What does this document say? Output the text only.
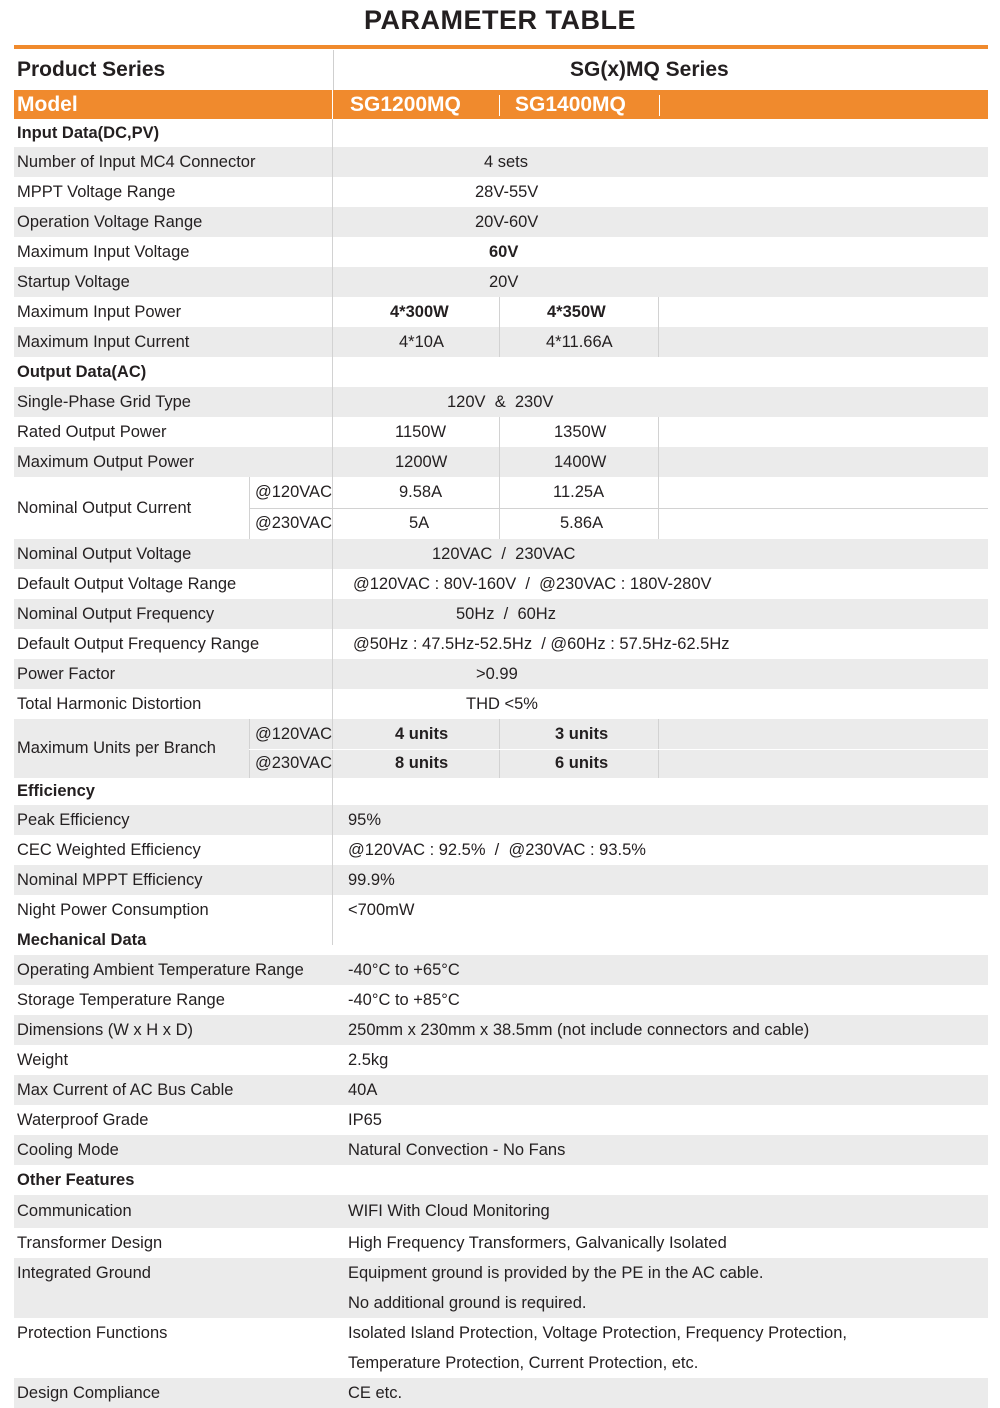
PARAMETER TABLE
Product Series	SG(x)MQ Series
Model	SG1200MQ	SG1400MQ
Input Data(DC,PV)
Number of Input MC4 Connector	4 sets
MPPT Voltage Range	28V-55V
Operation Voltage Range	20V-60V
Maximum Input Voltage	60V
Startup Voltage	20V
Maximum Input Power	4*300W	4*350W
Maximum Input Current	4*10A	4*11.66A
Output Data(AC)
Single-Phase Grid Type	120V  &  230V
Rated Output Power	1150W	1350W
Maximum Output Power	1200W	1400W
Nominal Output Current
@120VAC	9.58A	11.25A
@230VAC	5A	5.86A
Nominal Output Voltage	120VAC  /  230VAC
Default Output Voltage Range	@120VAC : 80V-160V  /  @230VAC : 180V-280V
Nominal Output Frequency	50Hz  /  60Hz
Default Output Frequency Range	@50Hz : 47.5Hz-52.5Hz  / @60Hz : 57.5Hz-62.5Hz
Power Factor	>0.99
Total Harmonic Distortion	THD <5%
Maximum Units per Branch
@120VAC	4 units	3 units
@230VAC	8 units	6 units
Efficiency
Peak Efficiency	95%
CEC Weighted Efficiency	@120VAC : 92.5%  /  @230VAC : 93.5%
Nominal MPPT Efficiency	99.9%
Night Power Consumption	<700mW
Mechanical Data
Operating Ambient Temperature Range	-40°C to +65°C
Storage Temperature Range	-40°C to +85°C
Dimensions (W x H x D)	250mm x 230mm x 38.5mm (not include connectors and cable)
Weight	2.5kg
Max Current of AC Bus Cable	40A
Waterproof Grade	IP65
Cooling Mode	Natural Convection - No Fans
Other Features
Communication	WIFI With Cloud Monitoring
Transformer Design	High Frequency Transformers, Galvanically Isolated
Integrated Ground	Equipment ground is provided by the PE in the AC cable.
No additional ground is required.
Protection Functions	Isolated Island Protection, Voltage Protection, Frequency Protection,
Temperature Protection, Current Protection, etc.
Design Compliance	CE etc.
